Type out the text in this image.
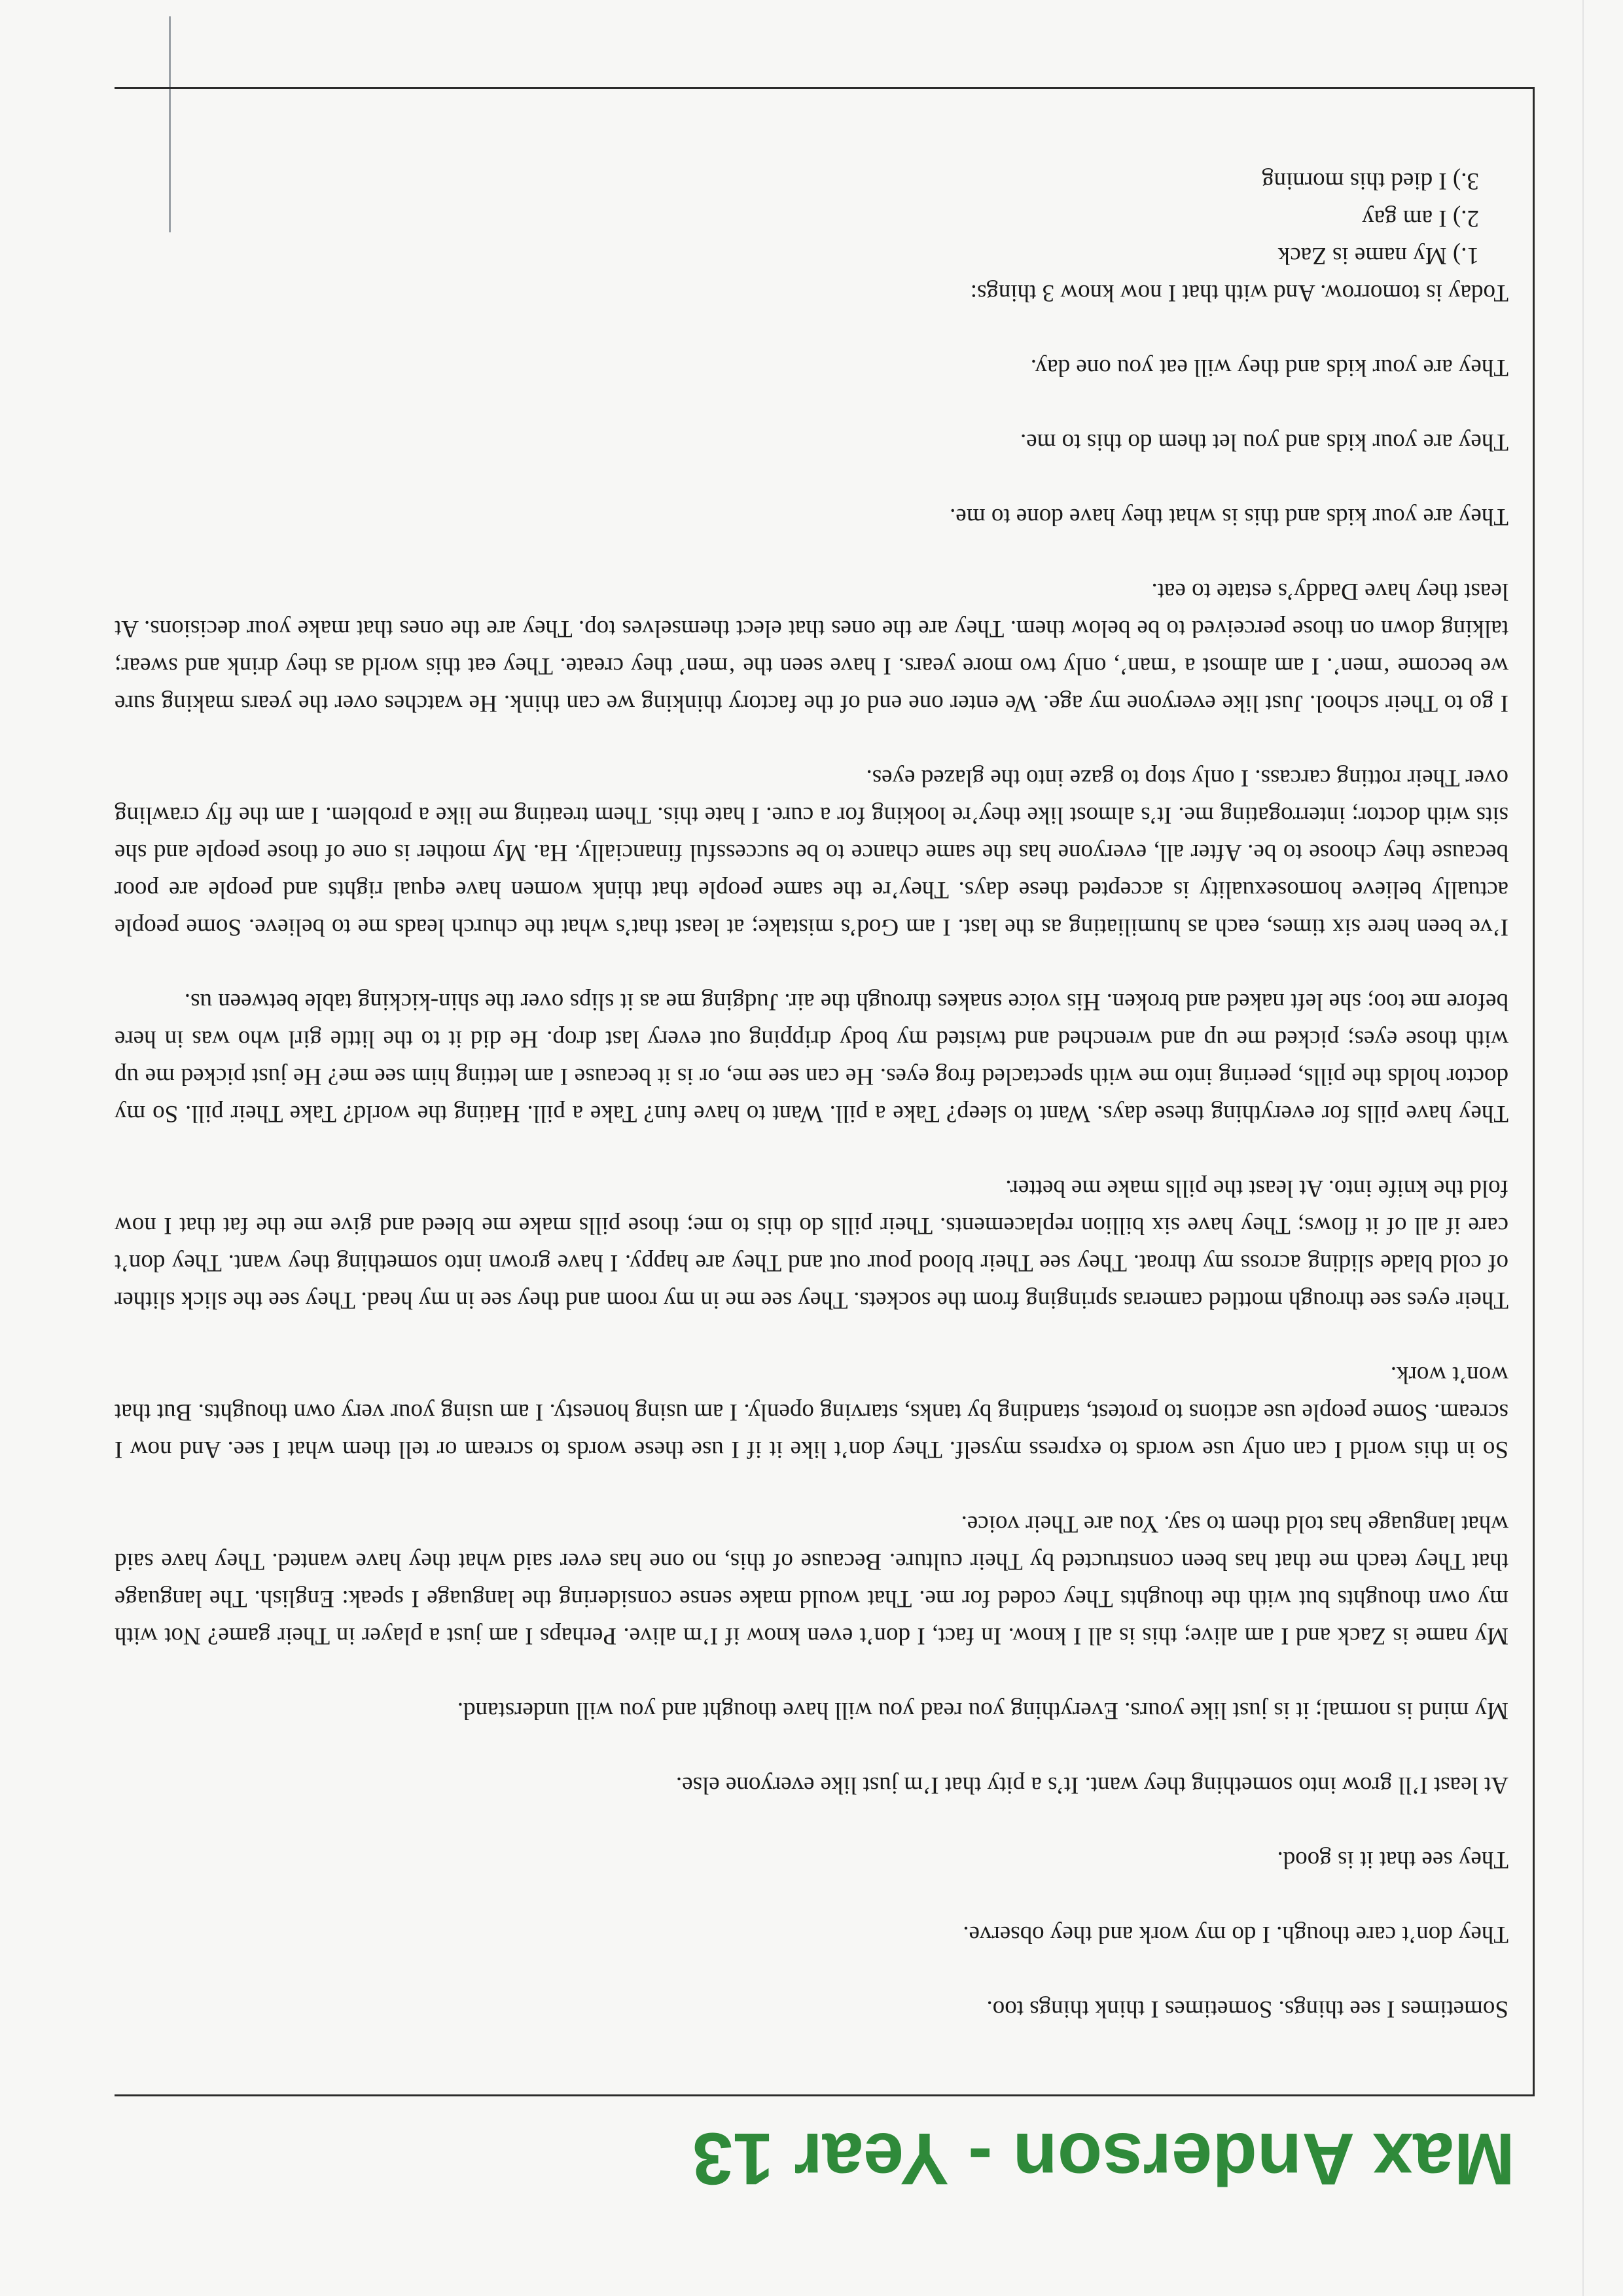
Max Anderson - Year 13

Sometimes I see things. Sometimes I think things too.

They don’t care though. I do my work and they observe.

They see that it is good.

At least I’ll grow into something they want. It’s a pity that I’m just like everyone else.

My mind is normal; it is just like yours. Everything you read you will have thought and you will understand.

My name is Zack and I am alive; this is all I know. In fact, I don’t even know if I’m alive. Perhaps I am just a player in Their game? Not with my own thoughts but with the thoughts They coded for me. That would make sense considering the language I speak: English. The language that They teach me that has been constructed by Their culture. Because of this, no one has ever said what they have wanted. They have said what language has told them to say. You are Their voice.

So in this world I can only use words to express myself. They don’t like it if I use these words to scream or tell them what I see. And now I scream. Some people use actions to protest, standing by tanks, starving openly. I am using honesty. I am using your very own thoughts. But that won’t work.

Their eyes see through mottled cameras springing from the sockets. They see me in my room and they see in my head. They see the slick slither of cold blade sliding across my throat. They see Their blood pour out and They are happy. I have grown into something they want. They don’t care if all of it flows; They have six billion replacements. Their pills do this to me; those pills make me bleed and give me the fat that I now fold the knife into. At least the pills make me better.

They have pills for everything these days. Want to sleep? Take a pill. Want to have fun? Take a pill. Hating the world? Take Their pill. So my doctor holds the pills, peering into me with spectacled frog eyes. He can see me, or is it because I am letting him see me? He just picked me up with those eyes; picked me up and wrenched and twisted my body dripping out every last drop. He did it to the little girl who was in here before me too; she left naked and broken. His voice snakes through the air. Judging me as it slips over the shin-kicking table between us.

I’ve been here six times, each as humiliating as the last. I am God’s mistake; at least that’s what the church leads me to believe. Some people actually believe homosexuality is accepted these days. They’re the same people that think women have equal rights and people are poor because they choose to be. After all, everyone has the same chance to be successful financially. Ha. My mother is one of those people and she sits with doctor; interrogating me. It’s almost like they’re looking for a cure. I hate this. Them treating me like a problem. I am the fly crawling over Their rotting carcass. I only stop to gaze into the glazed eyes.

I go to Their school. Just like everyone my age. We enter one end of the factory thinking we can think. He watches over the years making sure we become ‘men’. I am almost a ‘man’, only two more years. I have seen the ‘men’ they create. They eat this world as they drink and swear; talking down on those perceived to be below them. They are the ones that elect themselves top. They are the ones that make your decisions. At least they have Daddy’s estate to eat.

They are your kids and this is what they have done to me.

They are your kids and you let them do this to me.

They are your kids and they will eat you one day.

Today is tomorrow. And with that I now know 3 things:

1.) My name is Zack
2.) I am gay
3.) I died this morning
